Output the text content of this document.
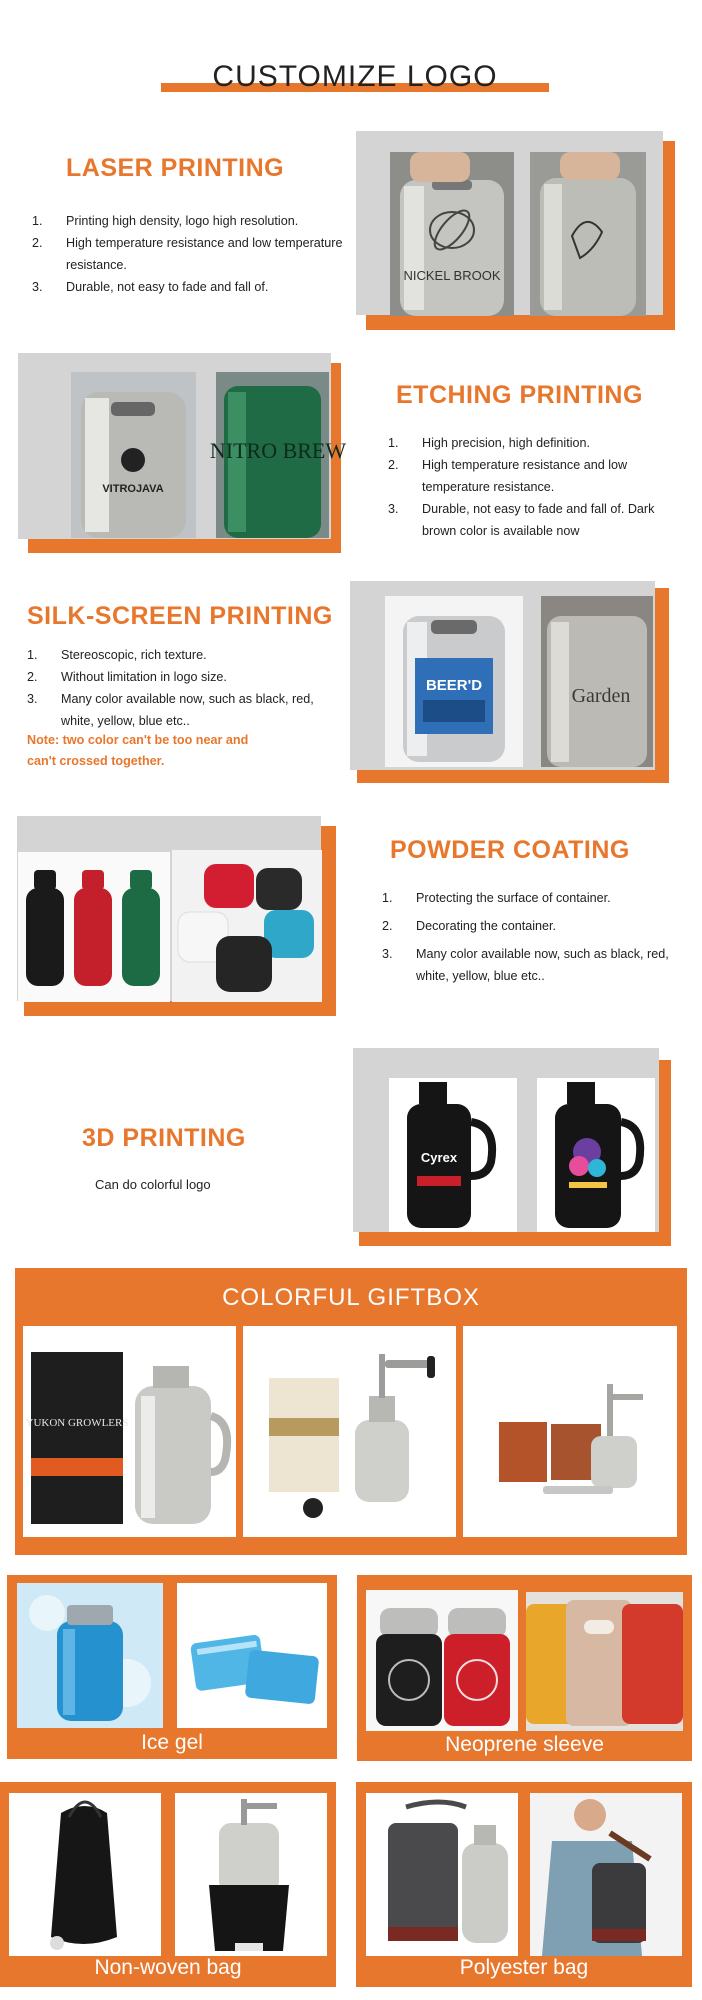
CUSTOMIZE LOGO
LASER PRINTING
1. Printing high density, logo high resolution.
2. High temperature resistance and low temperature resistance.
3. Durable, not easy to fade and fall of.
NICKEL BROOK
VITROJAVA
NITRO BREW
ETCHING PRINTING
1. High precision, high definition.
2. High temperature resistance and low temperature resistance.
3. Durable, not easy to fade and fall of. Dark brown color is available now
SILK-SCREEN PRINTING
1. Stereoscopic, rich texture.
2. Without limitation in logo size.
3. Many color available now, such as black, red, white, yellow, blue etc..
Note: two color can't be too near and can't crossed together.
BEER'D	Garden
POWDER COATING
1. Protecting the surface of container.
2. Decorating the container.
3. Many color available now, such as black, red, white, yellow, blue etc..
3D PRINTING
Can do colorful logo
Cyrex
COLORFUL GIFTBOX
YUKON GROWLERS
Ice gel	Neoprene sleeve
Non-woven bag	Polyester bag
